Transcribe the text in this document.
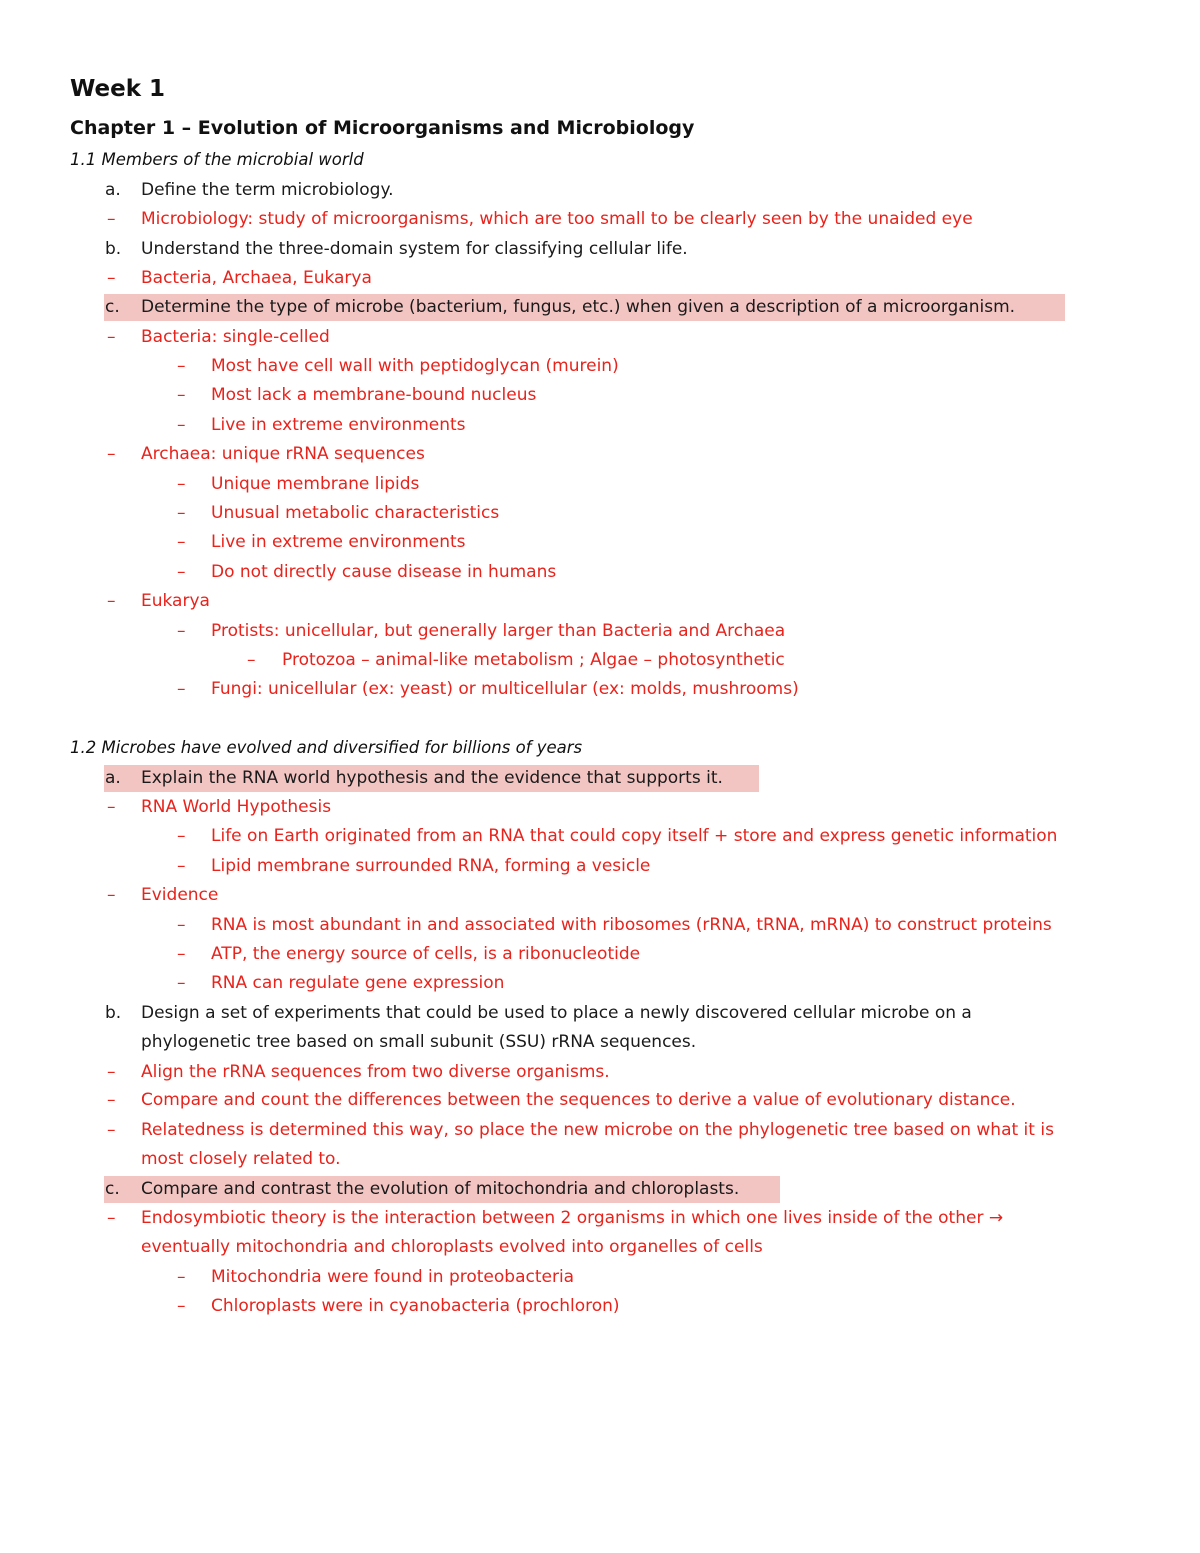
Week 1
Chapter 1 – Evolution of Microorganisms and Microbiology
1.1 Members of the microbial world
a. Define the term microbiology.
– Microbiology: study of microorganisms, which are too small to be clearly seen by the unaided eye
b. Understand the three-domain system for classifying cellular life.
– Bacteria, Archaea, Eukarya
c. Determine the type of microbe (bacterium, fungus, etc.) when given a description of a microorganism.
– Bacteria: single-celled
– Most have cell wall with peptidoglycan (murein)
– Most lack a membrane-bound nucleus
– Live in extreme environments
– Archaea: unique rRNA sequences
– Unique membrane lipids
– Unusual metabolic characteristics
– Live in extreme environments
– Do not directly cause disease in humans
– Eukarya
– Protists: unicellular, but generally larger than Bacteria and Archaea
– Protozoa – animal-like metabolism ; Algae – photosynthetic
– Fungi: unicellular (ex: yeast) or multicellular (ex: molds, mushrooms)
1.2 Microbes have evolved and diversified for billions of years
a. Explain the RNA world hypothesis and the evidence that supports it.
– RNA World Hypothesis
– Life on Earth originated from an RNA that could copy itself + store and express genetic information
– Lipid membrane surrounded RNA, forming a vesicle
– Evidence
– RNA is most abundant in and associated with ribosomes (rRNA, tRNA, mRNA) to construct proteins
– ATP, the energy source of cells, is a ribonucleotide
– RNA can regulate gene expression
b. Design a set of experiments that could be used to place a newly discovered cellular microbe on a
phylogenetic tree based on small subunit (SSU) rRNA sequences.
– Align the rRNA sequences from two diverse organisms.
– Compare and count the differences between the sequences to derive a value of evolutionary distance.
– Relatedness is determined this way, so place the new microbe on the phylogenetic tree based on what it is
most closely related to.
c. Compare and contrast the evolution of mitochondria and chloroplasts.
– Endosymbiotic theory is the interaction between 2 organisms in which one lives inside of the other →
eventually mitochondria and chloroplasts evolved into organelles of cells
– Mitochondria were found in proteobacteria
– Chloroplasts were in cyanobacteria (prochloron)
